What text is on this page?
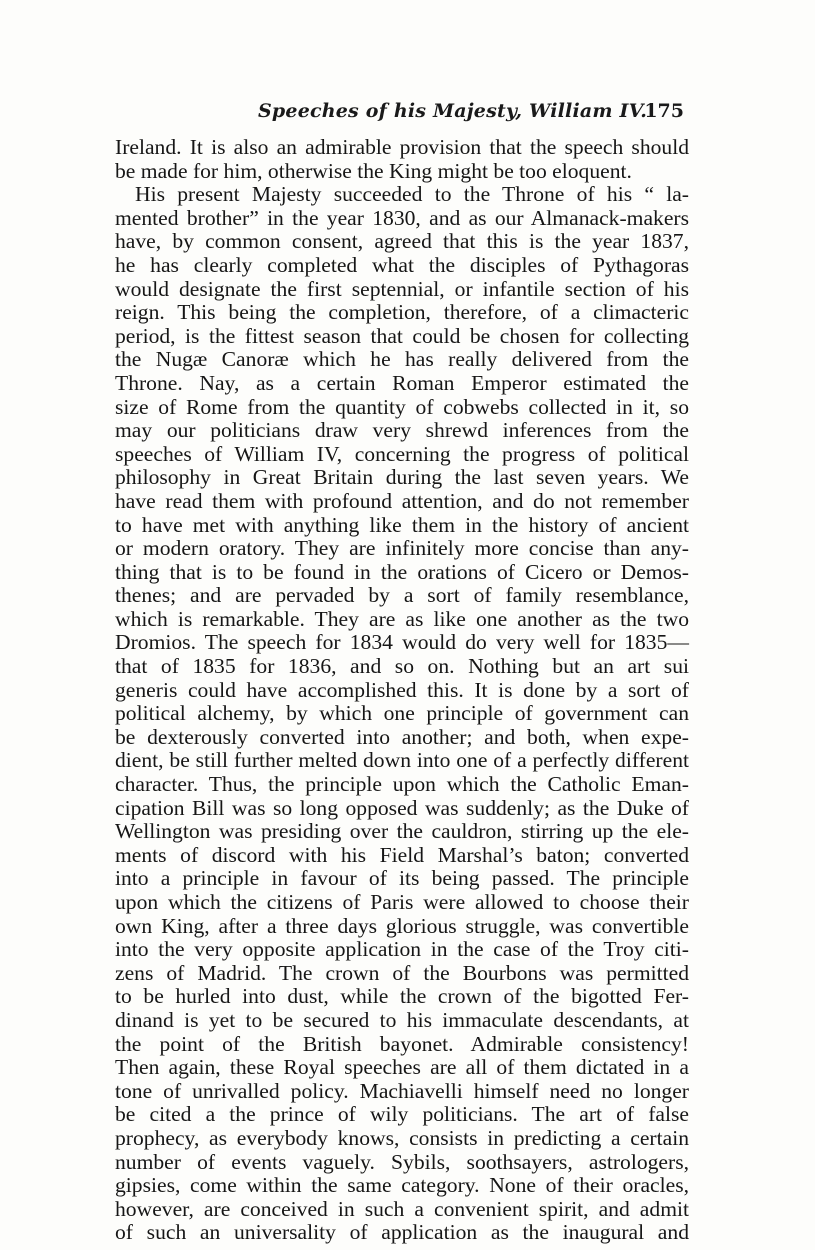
Speeches of his Majesty, William IV.
175
Ireland. It is also an admirable provision that the speech should
be made for him, otherwise the King might be too eloquent.
His present Majesty succeeded to the Throne of his “ la-
mented brother” in the year 1830, and as our Almanack-makers
have, by common consent, agreed that this is the year 1837,
he has clearly completed what the disciples of Pythagoras
would designate the first septennial, or infantile section of his
reign. This being the completion, therefore, of a climacteric
period, is the fittest season that could be chosen for collecting
the Nugæ Canoræ which he has really delivered from the
Throne. Nay, as a certain Roman Emperor estimated the
size of Rome from the quantity of cobwebs collected in it, so
may our politicians draw very shrewd inferences from the
speeches of William IV, concerning the progress of political
philosophy in Great Britain during the last seven years. We
have read them with profound attention, and do not remember
to have met with anything like them in the history of ancient
or modern oratory. They are infinitely more concise than any-
thing that is to be found in the orations of Cicero or Demos-
thenes; and are pervaded by a sort of family resemblance,
which is remarkable. They are as like one another as the two
Dromios. The speech for 1834 would do very well for 1835—
that of 1835 for 1836, and so on. Nothing but an art sui
generis could have accomplished this. It is done by a sort of
political alchemy, by which one principle of government can
be dexterously converted into another; and both, when expe-
dient, be still further melted down into one of a perfectly different
character. Thus, the principle upon which the Catholic Eman-
cipation Bill was so long opposed was suddenly; as the Duke of
Wellington was presiding over the cauldron, stirring up the ele-
ments of discord with his Field Marshal’s baton; converted
into a principle in favour of its being passed. The principle
upon which the citizens of Paris were allowed to choose their
own King, after a three days glorious struggle, was convertible
into the very opposite application in the case of the Troy citi-
zens of Madrid. The crown of the Bourbons was permitted
to be hurled into dust, while the crown of the bigotted Fer-
dinand is yet to be secured to his immaculate descendants, at
the point of the British bayonet. Admirable consistency!
Then again, these Royal speeches are all of them dictated in a
tone of unrivalled policy. Machiavelli himself need no longer
be cited a the prince of wily politicians. The art of false
prophecy, as everybody knows, consists in predicting a certain
number of events vaguely. Sybils, soothsayers, astrologers,
gipsies, come within the same category. None of their oracles,
however, are conceived in such a convenient spirit, and admit
of such an universality of application as the inaugural and
